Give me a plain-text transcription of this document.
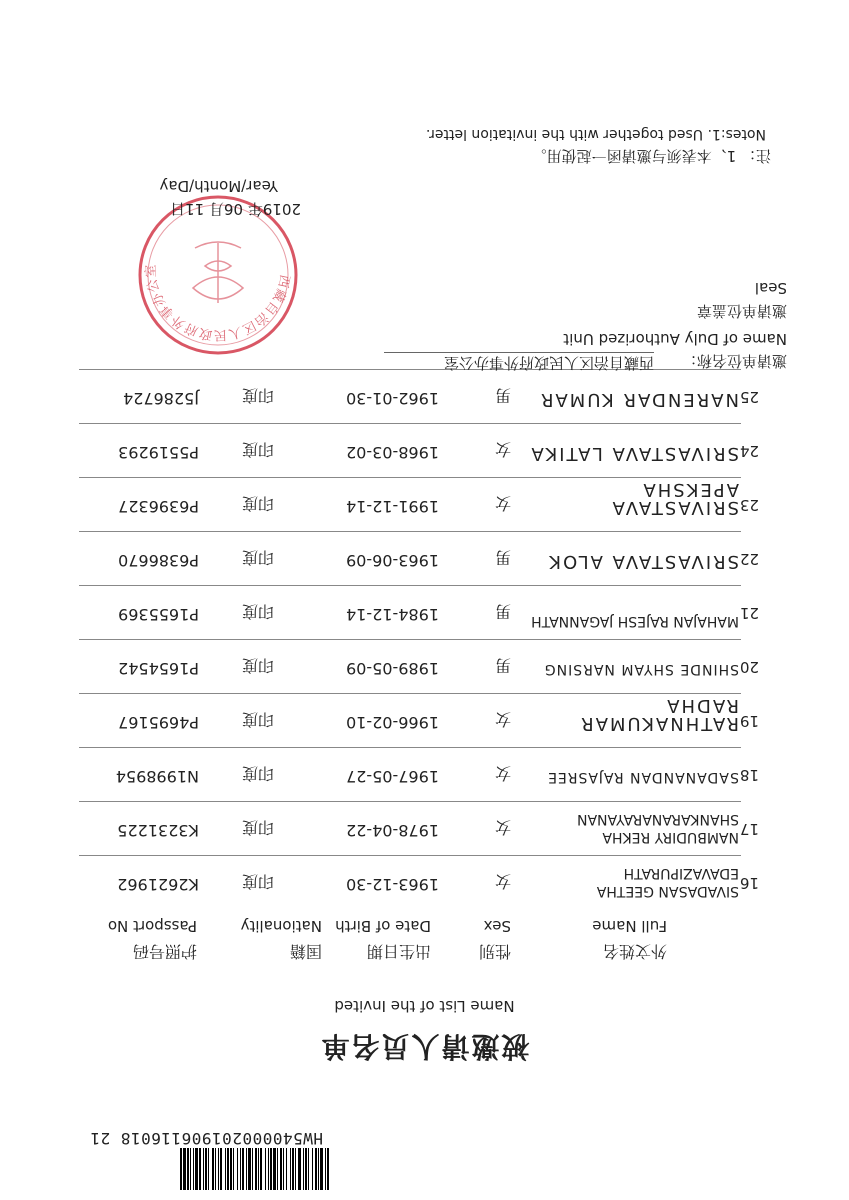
HW540000201906116018 21
被邀请人员名单
Name List of the Invited
外文姓名
Full Name
性别
Sex
出生日期
Date of Birth
国籍
Nationality
护照号码
Passport No
16
SIVADASAN GEETHA EDAVAZIPURATH
女
1963-12-30
印度
K2621962
17
NAMBUDIRY REKHA SHANKARANARAYANAN
女
1978-04-22
印度
K3231225
18
SADANANDAN RAJASREE
女
1967-05-27
印度
N1998954
19
RATHNAKUMAR RADHA
女
1966-02-10
印度
P4695167
20
SHINDE SHYAM NARSING
男
1989-05-09
印度
P1654542
21
MAHAJAN RAJESH JAGANNATH
男
1984-12-14
印度
P1655369
22
SRIVASTAVA ALOK
男
1963-06-09
印度
P6386670
23
SRIVASTAVA APEKSHA
女
1991-12-14
印度
P6396327
24
SRIVASTAVA LATIKA
女
1968-03-02
印度
P5519293
25
NARENDAR KUMAR
男
1962-01-30
印度
J5286724
邀请单位名称：
西藏自治区人民政府外事办公室
Name of Duly Authorized Unit
邀请单位盖章
Seal
西藏自治区人民政府外事办公室
2019年 06月 11日
Year/Month/Day
注： 1、本表须与邀请函一起使用。
Notes:1. Used together with the invitation letter.
